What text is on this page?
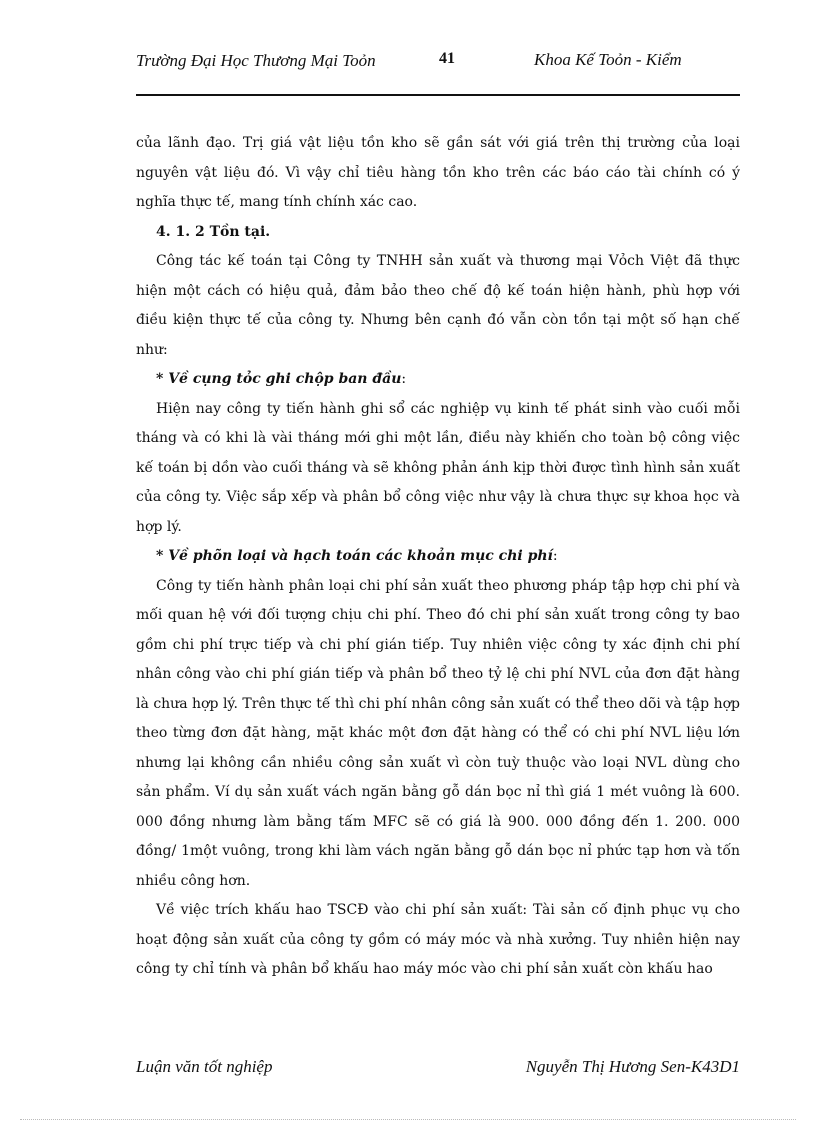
Trường Đại Học Thương Mại Toỏn	41	Khoa Kế Toỏn - Kiểm

của lãnh đạo. Trị giá vật liệu tồn kho sẽ gần sát với giá trên thị trường của loại nguyên vật liệu đó. Vì vậy chỉ tiêu hàng tồn kho trên các báo cáo tài chính có ý nghĩa thực tế, mang tính chính xác cao.

4. 1. 2 Tồn tại.

Công tác kế toán tại Công ty TNHH sản xuất và thương mại Vỏch Việt đã thực hiện một cách có hiệu quả, đảm bảo theo chế độ kế toán hiện hành, phù hợp với điều kiện thực tế của công ty. Nhưng bên cạnh đó vẫn còn tồn tại một số hạn chế như:

* Về cụng tỏc ghi chộp ban đầu:

Hiện nay công ty tiến hành ghi sổ các nghiệp vụ kinh tế phát sinh vào cuối mỗi tháng và có khi là vài tháng mới ghi một lần, điều này khiến cho toàn bộ công việc kế toán bị dồn vào cuối tháng và sẽ không phản ánh kịp thời được tình hình sản xuất của công ty. Việc sắp xếp và phân bổ công việc như vậy là chưa thực sự khoa học và hợp lý.

* Về phõn loại và hạch toán các khoản mục chi phí:

Công ty tiến hành phân loại chi phí sản xuất theo phương pháp tập hợp chi phí và mối quan hệ với đối tượng chịu chi phí. Theo đó chi phí sản xuất trong công ty bao gồm chi phí trực tiếp và chi phí gián tiếp. Tuy nhiên việc công ty xác định chi phí nhân công vào chi phí gián tiếp và phân bổ theo tỷ lệ chi phí NVL của đơn đặt hàng là chưa hợp lý. Trên thực tế thì chi phí nhân công sản xuất có thể theo dõi và tập hợp theo từng đơn đặt hàng, mặt khác một đơn đặt hàng có thể có chi phí NVL liệu lớn nhưng lại không cần nhiều công sản xuất vì còn tuỳ thuộc vào loại NVL dùng cho sản phẩm. Ví dụ sản xuất vách ngăn bằng gỗ dán bọc nỉ thì giá 1 mét vuông là 600. 000 đồng nhưng làm bằng tấm MFC sẽ có giá là 900. 000 đồng đến 1. 200. 000 đồng/ 1một vuông, trong khi làm vách ngăn bằng gỗ dán bọc nỉ phức tạp hơn và tốn nhiều công hơn.

Về việc trích khấu hao TSCĐ vào chi phí sản xuất: Tài sản cố định phục vụ cho hoạt động sản xuất của công ty gồm có máy móc và nhà xưởng. Tuy nhiên hiện nay công ty chỉ tính và phân bổ khấu hao máy móc vào chi phí sản xuất còn khấu hao

Luận văn tốt nghiệp	Nguyễn Thị Hương Sen-K43D1
